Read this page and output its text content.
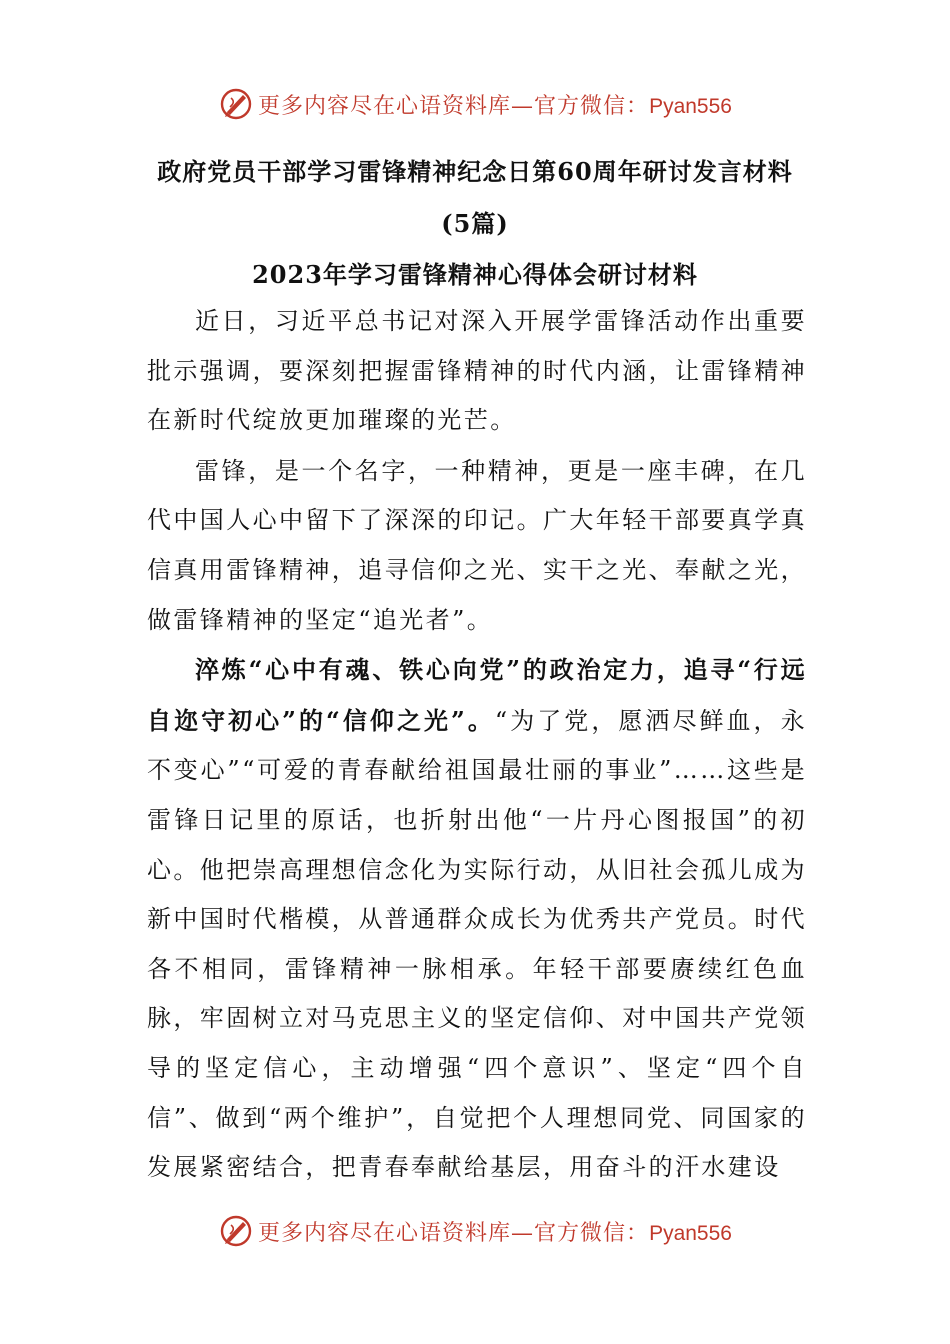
更多内容尽在心语资料库—官方微信：Pyan556
政府党员干部学习雷锋精神纪念日第60周年研讨发言材料
(5篇)
2023年学习雷锋精神心得体会研讨材料

近日，习近平总书记对深入开展学雷锋活动作出重要批示强调，要深刻把握雷锋精神的时代内涵，让雷锋精神在新时代绽放更加璀璨的光芒。

雷锋，是一个名字，一种精神，更是一座丰碑，在几代中国人心中留下了深深的印记。广大年轻干部要真学真信真用雷锋精神，追寻信仰之光、实干之光、奉献之光，做雷锋精神的坚定“追光者”。

淬炼“心中有魂、铁心向党”的政治定力，追寻“行远自迩守初心”的“信仰之光”。“为了党，愿洒尽鲜血，永不变心”“可爱的青春献给祖国最壮丽的事业”……这些是雷锋日记里的原话，也折射出他“一片丹心图报国”的初心。他把崇高理想信念化为实际行动，从旧社会孤儿成为新中国时代楷模，从普通群众成长为优秀共产党员。时代各不相同，雷锋精神一脉相承。年轻干部要赓续红色血脉，牢固树立对马克思主义的坚定信仰、对中国共产党领导的坚定信心，主动增强“四个意识”、坚定“四个自信”、做到“两个维护”，自觉把个人理想同党、同国家的发展紧密结合，把青春奉献给基层，用奋斗的汗水建设

更多内容尽在心语资料库—官方微信：Pyan556
